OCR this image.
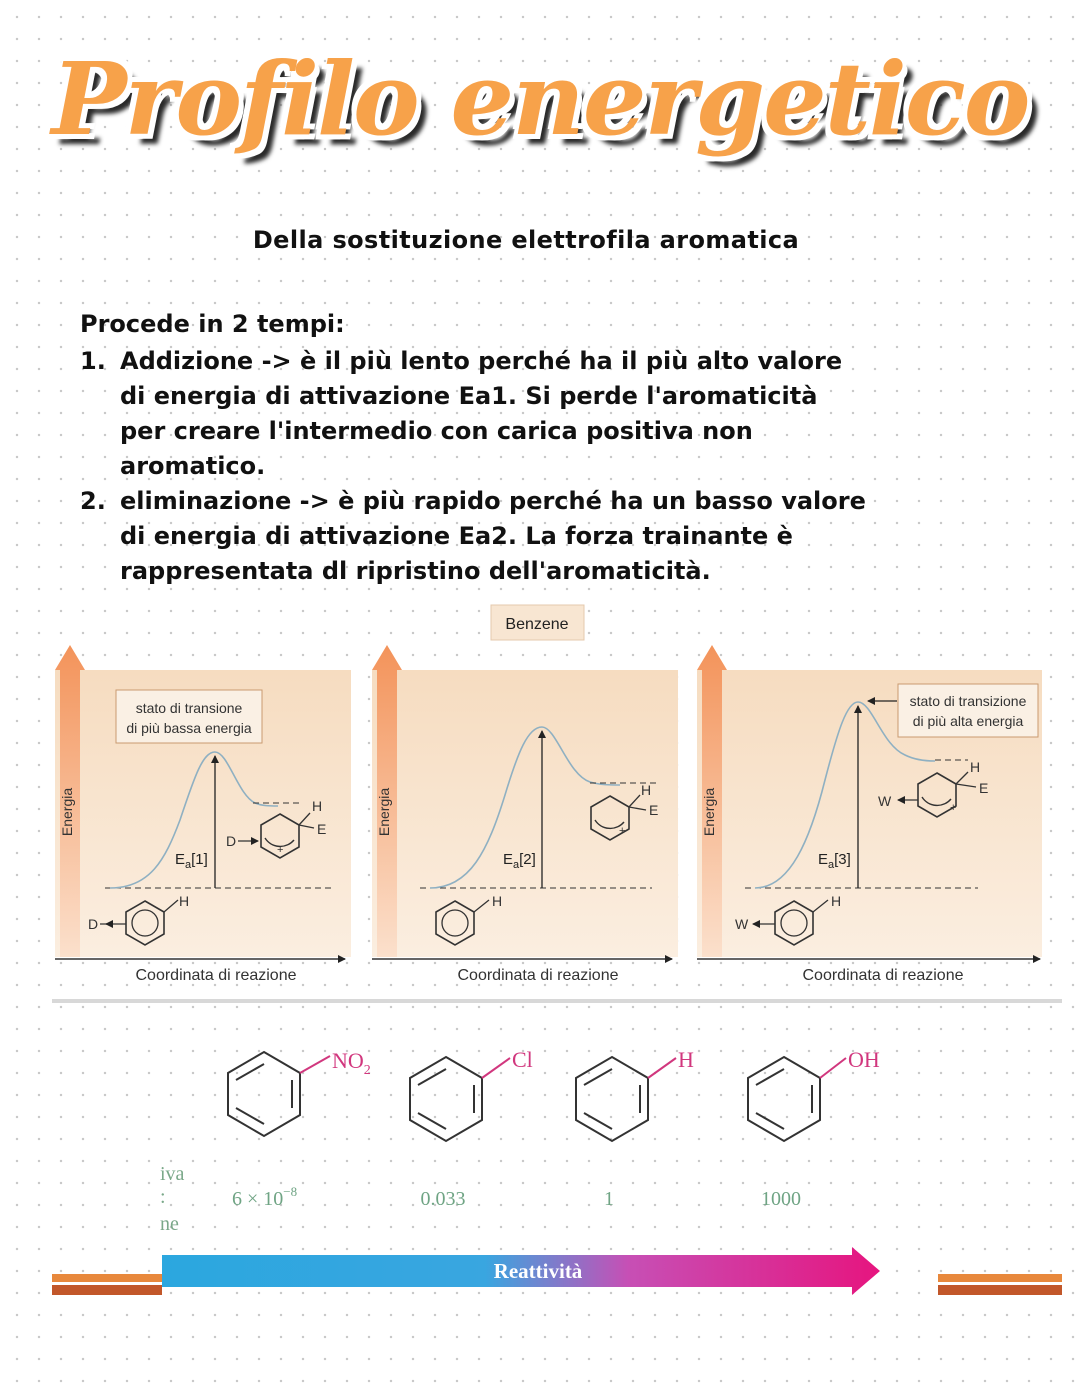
Profilo energetico
Della sostituzione elettrofila aromatica
Procede in 2 tempi:
1. Addizione -> è il più lento perché ha il più alto valore di energia di attivazione Ea1. Si perde l'aromaticità per creare l'intermedio con carica positiva non aromatico.
2. eliminazione -> è più rapido perché ha un basso valore di energia di attivazione Ea2. La forza trainante è rappresentata dl ripristino dell'aromaticità.
Benzene
Energia
Coordinata di reazione
$E_a[1]$
stato di transione
di più bassa energia
+
H
E
D
H
D
Energia
Coordinata di reazione
$E_a[2]$
+
H
E
H
Energia
Coordinata di reazione
$E_a[3]$
stato di transizione
di più alta energia
+
H
E
W
H
W
$NO_2$	Cl	H	OH
iva
:
ne
$6 \times 10^{-8}$	0.033	1	1000
Reattività
